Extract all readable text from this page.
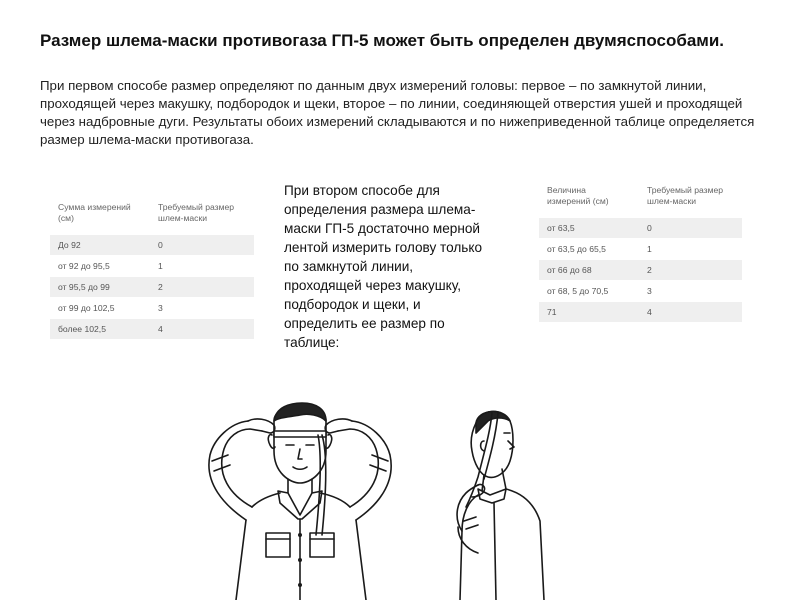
Размер шлема-маски противогаза ГП-5 может быть определен двумяспособами.

При первом способе размер определяют по данным двух измерений головы: первое – по замкнутой линии, проходящей через макушку, подбородок и щеки, второе – по линии, соединяющей отверстия ушей и проходящей через надбровные дуги. Результаты обоих измерений складываются и по нижеприведенной таблице определяется размер шлема-маски противогаза.

Сумма измерений (см)	Требуемый размер шлем-маски
До 92	0
от 92 до 95,5	1
от 95,5 до 99	2
от 99 до 102,5	3
более 102,5	4

При втором способе для определения размера шлема-маски ГП-5 достаточно мерной лентой измерить голову только по замкнутой линии, проходящей через макушку, подбородок и щеки, и определить ее размер по таблице:

Величина измерений (см)	Требуемый размер шлем-маски
от 63,5	0
от 63,5 до 65,5	1
от 66 до 68	2
от 68, 5 до 70,5	3
71	4
